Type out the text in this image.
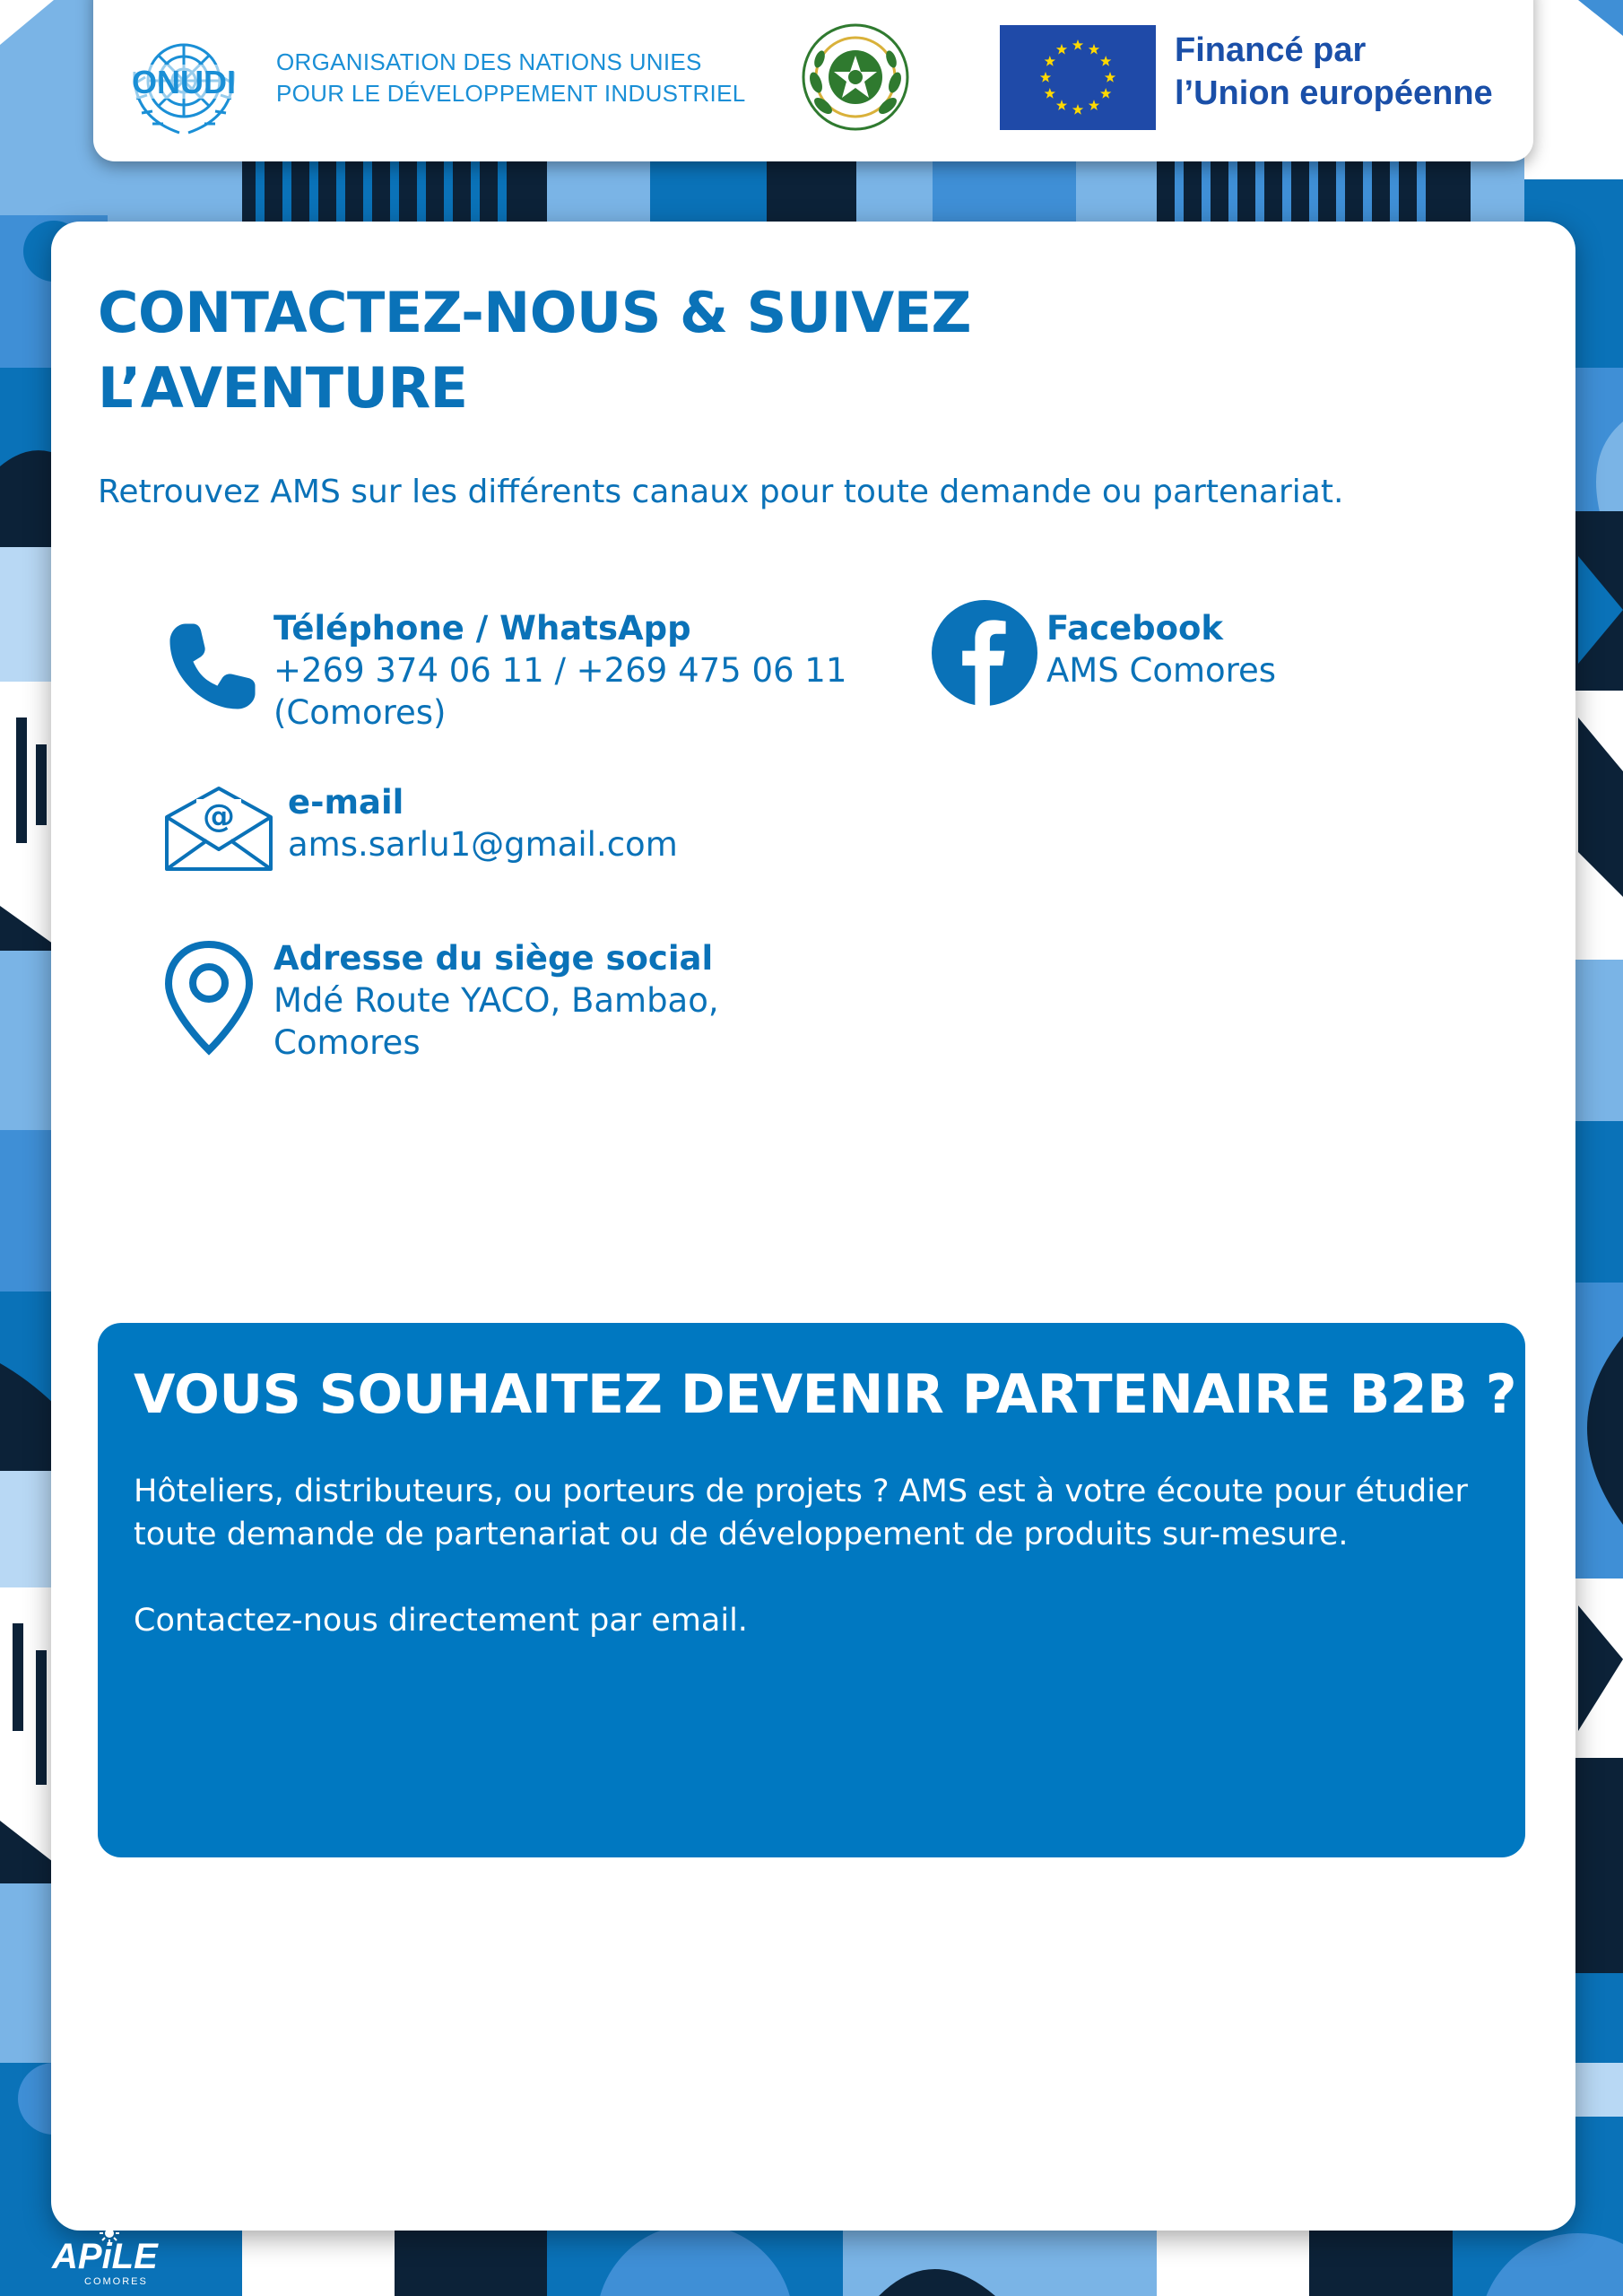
ONUDI
ORGANISATION DES NATIONS UNIES
POUR LE DÉVELOPPEMENT INDUSTRIEL
Financé par
l’Union européenne
CONTACTEZ-NOUS & SUIVEZ
L’AVENTURE
Retrouvez AMS sur les différents canaux pour toute demande ou partenariat.
Téléphone / WhatsApp
+269 374 06 11 / +269 475 06 11
(Comores)
Facebook
AMS Comores
@ e-mail
ams.sarlu1@gmail.com
Adresse du siège social
Mdé Route YACO, Bambao,
Comores
VOUS SOUHAITEZ DEVENIR PARTENAIRE B2B ?
Hôteliers, distributeurs, ou porteurs de projets ? AMS est à votre écoute pour étudier
toute demande de partenariat ou de développement de produits sur-mesure.
Contactez-nous directement par email.
APiLE
COMORES
